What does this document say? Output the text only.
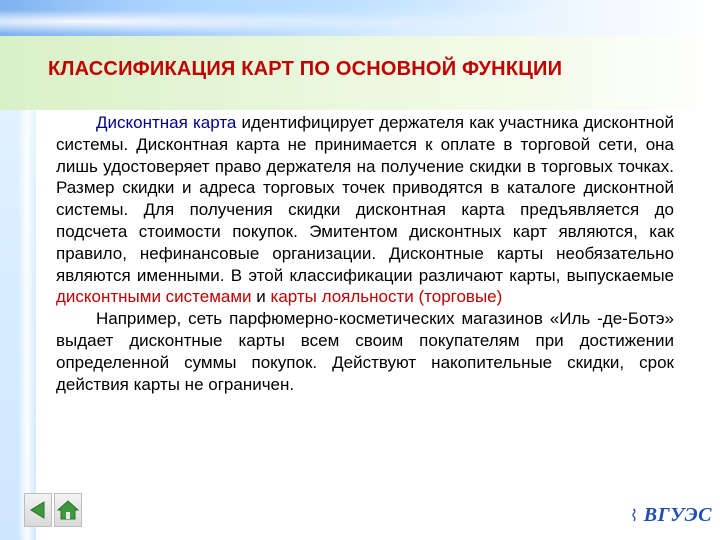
КЛАССИФИКАЦИЯ КАРТ ПО ОСНОВНОЙ ФУНКЦИИ

Дисконтная карта идентифицирует держателя как участника дисконтной системы. Дисконтная карта не принимается к оплате в торговой сети, она лишь удостоверяет право держателя на получение скидки в торговых точках. Размер скидки и адреса торговых точек приводятся в каталоге дисконтной системы. Для получения скидки дисконтная карта предъявляется до подсчета стоимости покупок. Эмитентом дисконтных карт являются, как правило, нефинансовые организации. Дисконтные карты необязательно являются именными. В этой классификации различают карты, выпускаемые дисконтными системами и карты лояльности (торговые)

Например, сеть парфюмерно-косметических магазинов «Иль -де-Ботэ» выдает дисконтные карты всем своим покупателям при достижении определенной суммы покупок. Действуют накопительные скидки, срок действия карты не ограничен.

ВГУЭС
